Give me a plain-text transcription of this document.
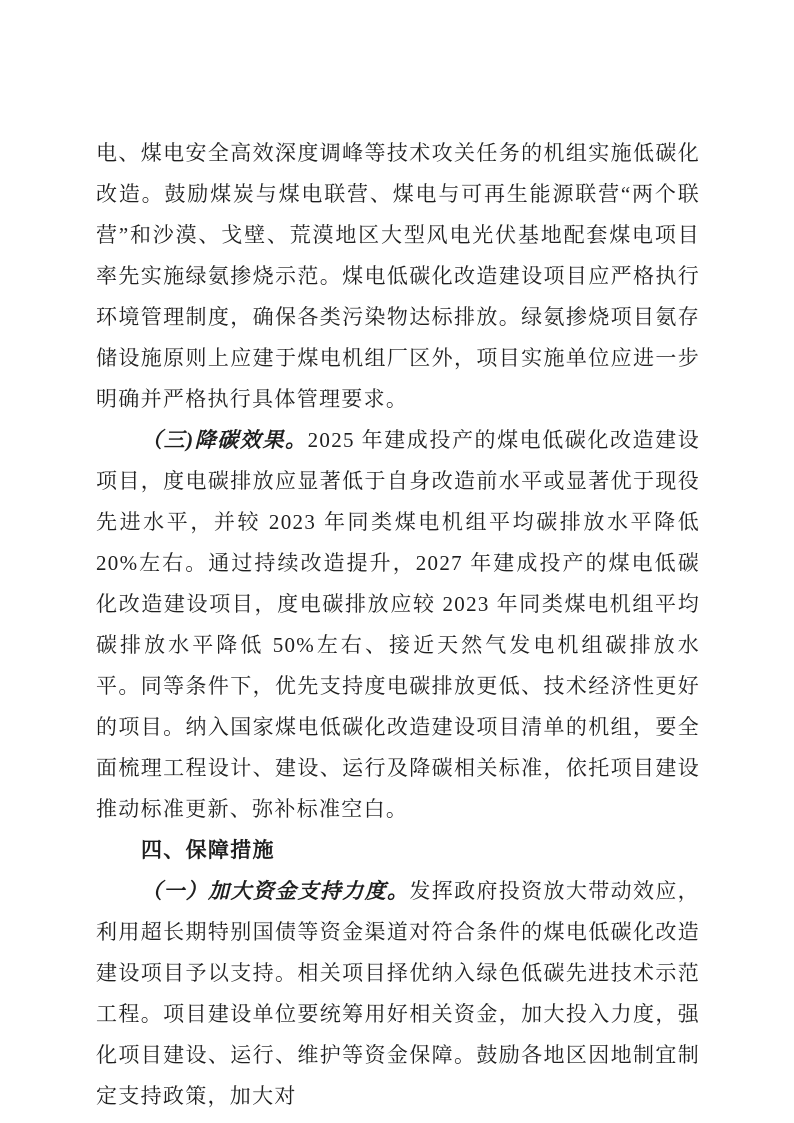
电、煤电安全高效深度调峰等技术攻关任务的机组实施低碳化改造。鼓励煤炭与煤电联营、煤电与可再生能源联营“两个联营”和沙漠、戈壁、荒漠地区大型风电光伏基地配套煤电项目率先实施绿氨掺烧示范。煤电低碳化改造建设项目应严格执行环境管理制度，确保各类污染物达标排放。绿氨掺烧项目氨存储设施原则上应建于煤电机组厂区外，项目实施单位应进一步明确并严格执行具体管理要求。

（三)降碳效果。2025 年建成投产的煤电低碳化改造建设项目，度电碳排放应显著低于自身改造前水平或显著优于现役先进水平，并较 2023 年同类煤电机组平均碳排放水平降低 20%左右。通过持续改造提升，2027 年建成投产的煤电低碳化改造建设项目，度电碳排放应较 2023 年同类煤电机组平均碳排放水平降低 50%左右、接近天然气发电机组碳排放水平。同等条件下，优先支持度电碳排放更低、技术经济性更好的项目。纳入国家煤电低碳化改造建设项目清单的机组，要全面梳理工程设计、建设、运行及降碳相关标准，依托项目建设推动标准更新、弥补标准空白。

四、保障措施

（一）加大资金支持力度。发挥政府投资放大带动效应，利用超长期特别国债等资金渠道对符合条件的煤电低碳化改造建设项目予以支持。相关项目择优纳入绿色低碳先进技术示范工程。项目建设单位要统筹用好相关资金，加大投入力度，强化项目建设、运行、维护等资金保障。鼓励各地区因地制宜制定支持政策，加大对
